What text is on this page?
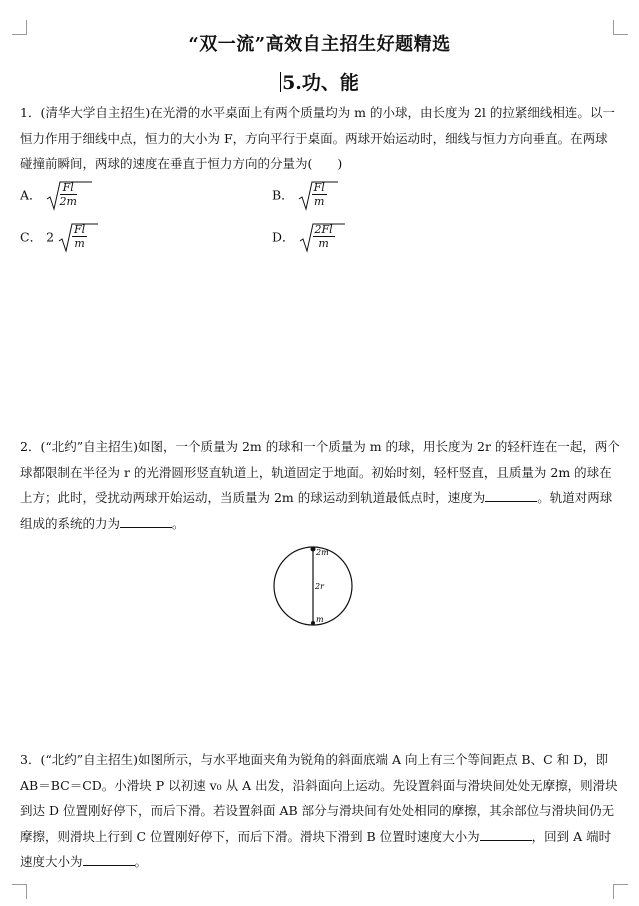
“双一流”高效自主招生好题精选
5.功、能

1．(清华大学自主招生)在光滑的水平桌面上有两个质量均为 m 的小球，由长度为 2l 的拉紧细线相连。以一恒力作用于细线中点，恒力的大小为 F，方向平行于桌面。两球开始运动时，细线与恒力方向垂直。在两球碰撞前瞬间，两球的速度在垂直于恒力方向的分量为(　　)

A． $\frac{Fl}{2m}$	B． $\frac{Fl}{m}$
C． $2 \frac{Fl}{m}$	D． $\frac{2Fl}{m}$

2．(“北约”自主招生)如图，一个质量为 2m 的球和一个质量为 m 的球，用长度为 2r 的轻杆连在一起，两个球都限制在半径为 r 的光滑圆形竖直轨道上，轨道固定于地面。初始时刻，轻杆竖直，且质量为 2m 的球在上方；此时，受扰动两球开始运动，当质量为 2m 的球运动到轨道最低点时，速度为	。轨道对两球组成的系统的力为	。

2m
2r
m

3．(“北约”自主招生)如图所示，与水平地面夹角为锐角的斜面底端 A 向上有三个等间距点 B、C 和 D，即 AB＝BC＝CD。小滑块 P 以初速 v₀ 从 A 出发，沿斜面向上运动。先设置斜面与滑块间处处无摩擦，则滑块到达 D 位置刚好停下，而后下滑。若设置斜面 AB 部分与滑块间有处处相同的摩擦，其余部位与滑块间仍无摩擦，则滑块上行到 C 位置刚好停下，而后下滑。滑块下滑到 B 位置时速度大小为	，回到 A 端时速度大小为	。
